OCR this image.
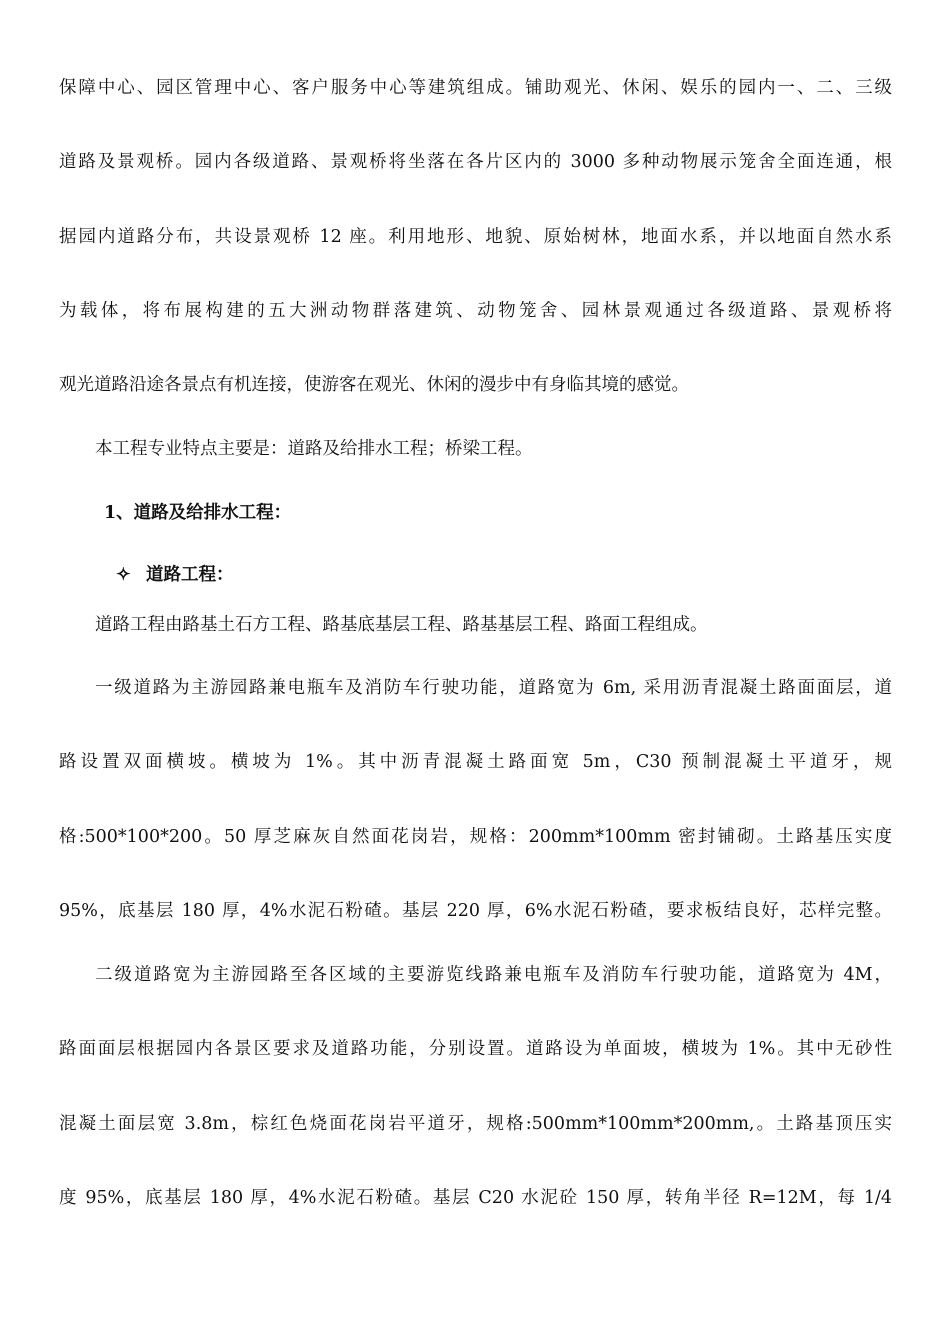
保障中心、园区管理中心、客户服务中心等建筑组成。铺助观光、休闲、娱乐的园内一、二、三级
道路及景观桥。园内各级道路、景观桥将坐落在各片区内的 3000 多种动物展示笼舍全面连通，根
据园内道路分布，共设景观桥 12 座。利用地形、地貌、原始树林，地面水系，并以地面自然水系
为载体，将布展构建的五大洲动物群落建筑、动物笼舍、园林景观通过各级道路、景观桥将
观光道路沿途各景点有机连接，使游客在观光、休闲的漫步中有身临其境的感觉。
本工程专业特点主要是：道路及给排水工程；桥梁工程。
1、道路及给排水工程：
✧ 道路工程：
道路工程由路基土石方工程、路基底基层工程、路基基层工程、路面工程组成。
一级道路为主游园路兼电瓶车及消防车行驶功能，道路宽为 6m, 采用沥青混凝土路面面层，道
路设置双面横坡。横坡为 1%。其中沥青混凝土路面宽 5m，C30 预制混凝土平道牙，规
格:500*100*200。50 厚芝麻灰自然面花岗岩，规格：200mm*100mm 密封铺砌。土路基压实度
95%，底基层 180 厚，4%水泥石粉碴。基层 220 厚，6%水泥石粉碴，要求板结良好，芯样完整。
二级道路宽为主游园路至各区域的主要游览线路兼电瓶车及消防车行驶功能，道路宽为 4M，
路面面层根据园内各景区要求及道路功能，分别设置。道路设为单面坡，横坡为 1%。其中无砂性
混凝土面层宽 3.8m，棕红色烧面花岗岩平道牙，规格:500mm*100mm*200mm,。土路基顶压实
度 95%，底基层 180 厚，4%水泥石粉碴。基层 C20 水泥砼 150 厚，转角半径 R=12M，每 1/4
